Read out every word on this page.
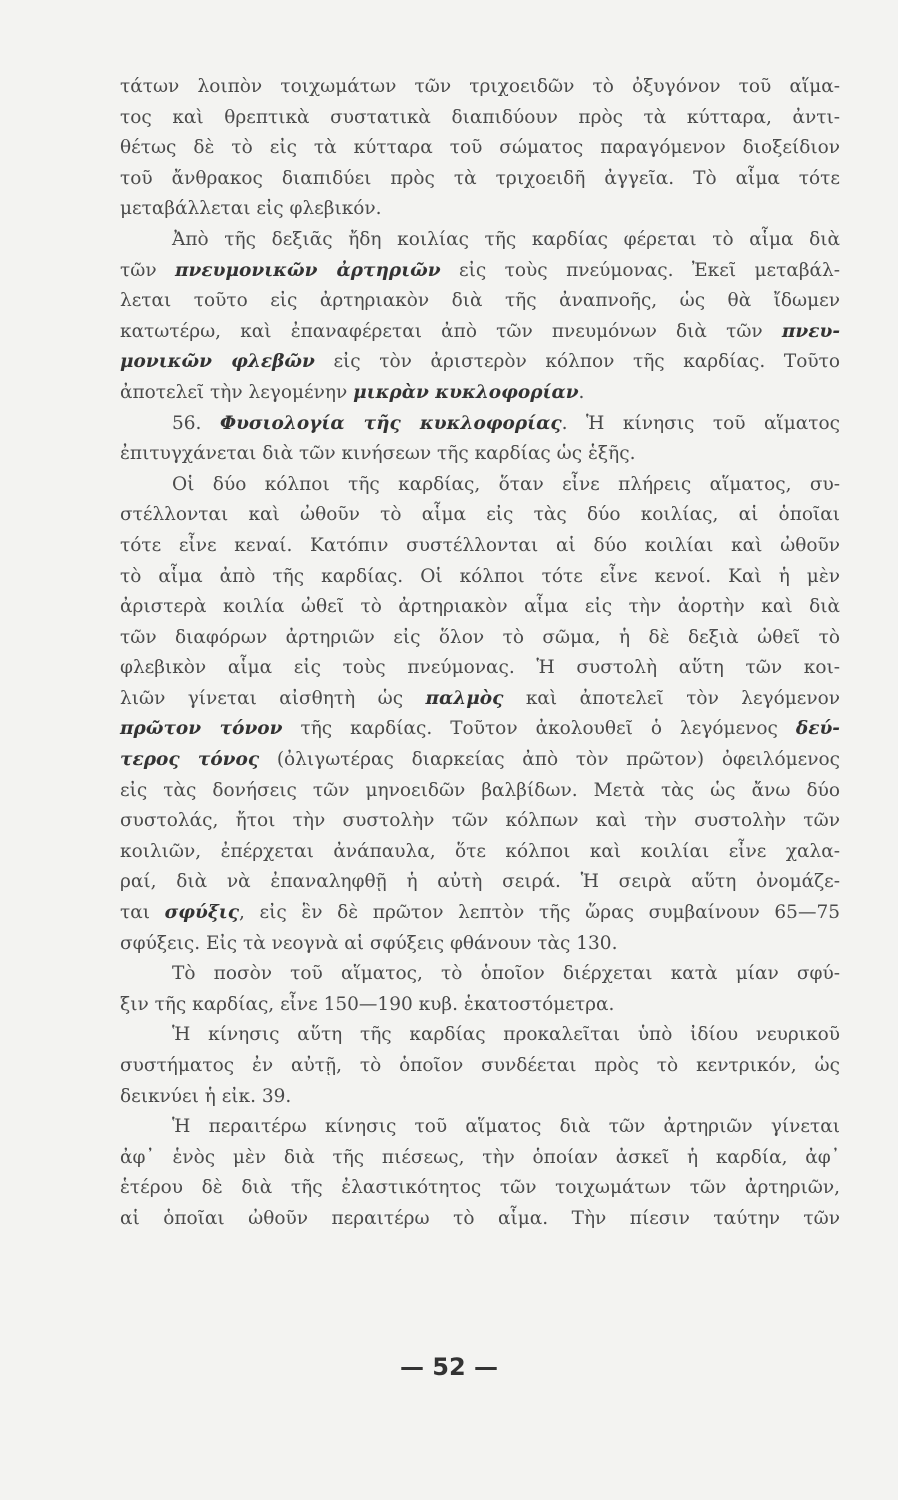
τάτων λοιπὸν τοιχωμάτων τῶν τριχοειδῶν τὸ ὀξυγόνον τοῦ αἵμα-
τος καὶ θρεπτικὰ συστατικὰ διαπιδύουν πρὸς τὰ κύτταρα, ἀντι-
θέτως δὲ τὸ εἰς τὰ κύτταρα τοῦ σώματος παραγόμενον διοξείδιον
τοῦ ἄνθρακος διαπιδύει πρὸς τὰ τριχοειδῆ ἀγγεῖα. Τὸ αἷμα τότε
μεταβάλλεται εἰς φλεβικόν.
Ἀπὸ τῆς δεξιᾶς ἤδη κοιλίας τῆς καρδίας φέρεται τὸ αἷμα διὰ
τῶν πνευμονικῶν ἀρτηριῶν εἰς τοὺς πνεύμονας. Ἐκεῖ μεταβάλ-
λεται τοῦτο εἰς ἀρτηριακὸν διὰ τῆς ἀναπνοῆς, ὡς θὰ ἴδωμεν
κατωτέρω, καὶ ἐπαναφέρεται ἀπὸ τῶν πνευμόνων διὰ τῶν πνευ-
μονικῶν φλεβῶν εἰς τὸν ἀριστερὸν κόλπον τῆς καρδίας. Τοῦτο
ἀποτελεῖ τὴν λεγομένην μικρὰν κυκλοφορίαν.
56. Φυσιολογία τῆς κυκλοφορίας. Ἡ κίνησις τοῦ αἵματος
ἐπιτυγχάνεται διὰ τῶν κινήσεων τῆς καρδίας ὡς ἑξῆς.
Οἱ δύο κόλποι τῆς καρδίας, ὅταν εἶνε πλήρεις αἵματος, συ-
στέλλονται καὶ ὠθοῦν τὸ αἷμα εἰς τὰς δύο κοιλίας, αἱ ὁποῖαι
τότε εἶνε κεναί. Κατόπιν συστέλλονται αἱ δύο κοιλίαι καὶ ὠθοῦν
τὸ αἷμα ἀπὸ τῆς καρδίας. Οἱ κόλποι τότε εἶνε κενοί. Καὶ ἡ μὲν
ἀριστερὰ κοιλία ὠθεῖ τὸ ἀρτηριακὸν αἷμα εἰς τὴν ἀορτὴν καὶ διὰ
τῶν διαφόρων ἀρτηριῶν εἰς ὅλον τὸ σῶμα, ἡ δὲ δεξιὰ ὠθεῖ τὸ
φλεβικὸν αἷμα εἰς τοὺς πνεύμονας. Ἡ συστολὴ αὕτη τῶν κοι-
λιῶν γίνεται αἰσθητὴ ὡς παλμὸς καὶ ἀποτελεῖ τὸν λεγόμενον
πρῶτον τόνον τῆς καρδίας. Τοῦτον ἀκολουθεῖ ὁ λεγόμενος δεύ-
τερος τόνος (ὀλιγωτέρας διαρκείας ἀπὸ τὸν πρῶτον) ὀφειλόμενος
εἰς τὰς δονήσεις τῶν μηνοειδῶν βαλβίδων. Μετὰ τὰς ὡς ἄνω δύο
συστολάς, ἤτοι τὴν συστολὴν τῶν κόλπων καὶ τὴν συστολὴν τῶν
κοιλιῶν, ἐπέρχεται ἀνάπαυλα, ὅτε κόλποι καὶ κοιλίαι εἶνε χαλα-
ραί, διὰ νὰ ἐπαναληφθῇ ἡ αὐτὴ σειρά. Ἡ σειρὰ αὕτη ὀνομάζε-
ται σφύξις, εἰς ἓν δὲ πρῶτον λεπτὸν τῆς ὥρας συμβαίνουν 65—75
σφύξεις. Εἰς τὰ νεογνὰ αἱ σφύξεις φθάνουν τὰς 130.
Τὸ ποσὸν τοῦ αἵματος, τὸ ὁποῖον διέρχεται κατὰ μίαν σφύ-
ξιν τῆς καρδίας, εἶνε 150—190 κυβ. ἑκατοστόμετρα.
Ἡ κίνησις αὕτη τῆς καρδίας προκαλεῖται ὑπὸ ἰδίου νευρικοῦ
συστήματος ἐν αὐτῇ, τὸ ὁποῖον συνδέεται πρὸς τὸ κεντρικόν, ὡς
δεικνύει ἡ εἰκ. 39.
Ἡ περαιτέρω κίνησις τοῦ αἵματος διὰ τῶν ἀρτηριῶν γίνεται
ἀφ᾿ ἑνὸς μὲν διὰ τῆς πιέσεως, τὴν ὁποίαν ἀσκεῖ ἡ καρδία, ἀφ᾿
ἑτέρου δὲ διὰ τῆς ἐλαστικότητος τῶν τοιχωμάτων τῶν ἀρτηριῶν,
αἱ ὁποῖαι ὠθοῦν περαιτέρω τὸ αἷμα. Τὴν πίεσιν ταύτην τῶν
— 52 —
